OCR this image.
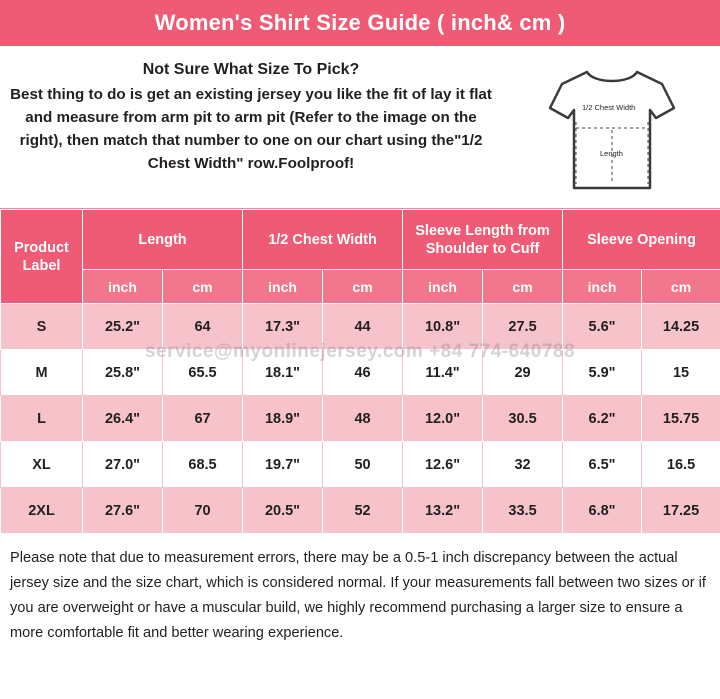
Women's Shirt Size Guide ( inch& cm )
Not Sure What Size To Pick?
Best thing to do is get an existing jersey you like the fit of lay it flat and measure from arm pit to arm pit (Refer to the image on the right), then match that number to one on our chart using the"1/2 Chest Width" row.Foolproof!
1/2 Chest Width
Length
Product Label	Length		1/2 Chest Width		Sleeve Length from Shoulder to Cuff		Sleeve Opening	
	inch	cm	inch	cm	inch	cm	inch	cm
S	25.2"	64	17.3"	44	10.8"	27.5	5.6"	14.25
M	25.8"	65.5	18.1"	46	11.4"	29	5.9"	15
L	26.4"	67	18.9"	48	12.0"	30.5	6.2"	15.75
XL	27.0"	68.5	19.7"	50	12.6"	32	6.5"	16.5
2XL	27.6"	70	20.5"	52	13.2"	33.5	6.8"	17.25
service@myonlinejersey.com +84 774-640788
Please note that due to measurement errors, there may be a 0.5-1 inch discrepancy between the actual jersey size and the size chart, which is considered normal. If your measurements fall between two sizes or if you are overweight or have a muscular build, we highly recommend purchasing a larger size to ensure a more comfortable fit and better wearing experience.
